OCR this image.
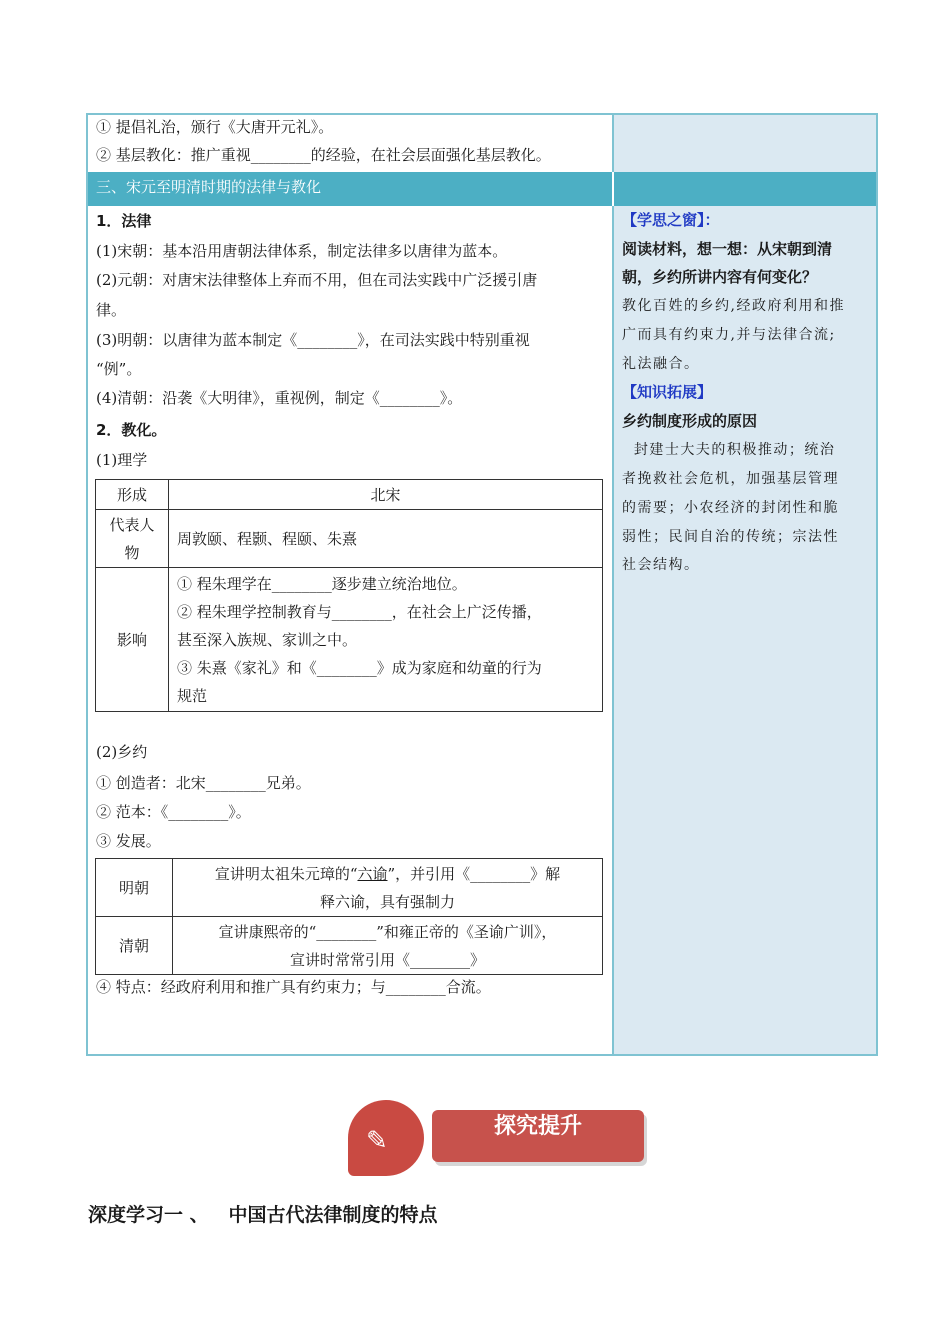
三、宋元至明清时期的法律与教化
① 提倡礼治，颁行《大唐开元礼》。
② 基层教化：推广重视________的经验，在社会层面强化基层教化。
1．法律
(1)宋朝：基本沿用唐朝法律体系，制定法律多以唐律为蓝本。
(2)元朝：对唐宋法律整体上弃而不用，但在司法实践中广泛援引唐
律。
(3)明朝：以唐律为蓝本制定《________》，在司法实践中特别重视
“例”。
(4)清朝：沿袭《大明律》，重视例，制定《________》。
2．教化。
(1)理学
形成	北宋

代表人
物	周敦颐、程颢、程颐、朱熹
影响	① 程朱理学在________逐步建立统治地位。
② 程朱理学控制教育与________，在社会上广泛传播，
甚至深入族规、家训之中。
③ 朱熹《家礼》和《________》成为家庭和幼童的行为
规范
(2)乡约
① 创造者：北宋________兄弟。
② 范本：《________》。
③ 发展。
明朝	宣讲明太祖朱元璋的“六谕”，并引用《________》解
释六谕，具有强制力

清朝	宣讲康熙帝的“________”和雍正帝的《圣谕广训》，
宣讲时常常引用《________》
④ 特点：经政府利用和推广具有约束力；与________合流。
【学思之窗】：
阅读材料，想一想：从宋朝到清
朝，乡约所讲内容有何变化？
教化百姓的乡约,经政府利用和推
广而具有约束力,并与法律合流;
礼法融合。
【知识拓展】
乡约制度形成的原因
封建士大夫的积极推动；统治
者挽救社会危机，加强基层管理
的需要；小农经济的封闭性和脆
弱性；民间自治的传统；宗法性
社会结构。
✎	探究提升
深度学习一 、   中国古代法律制度的特点
